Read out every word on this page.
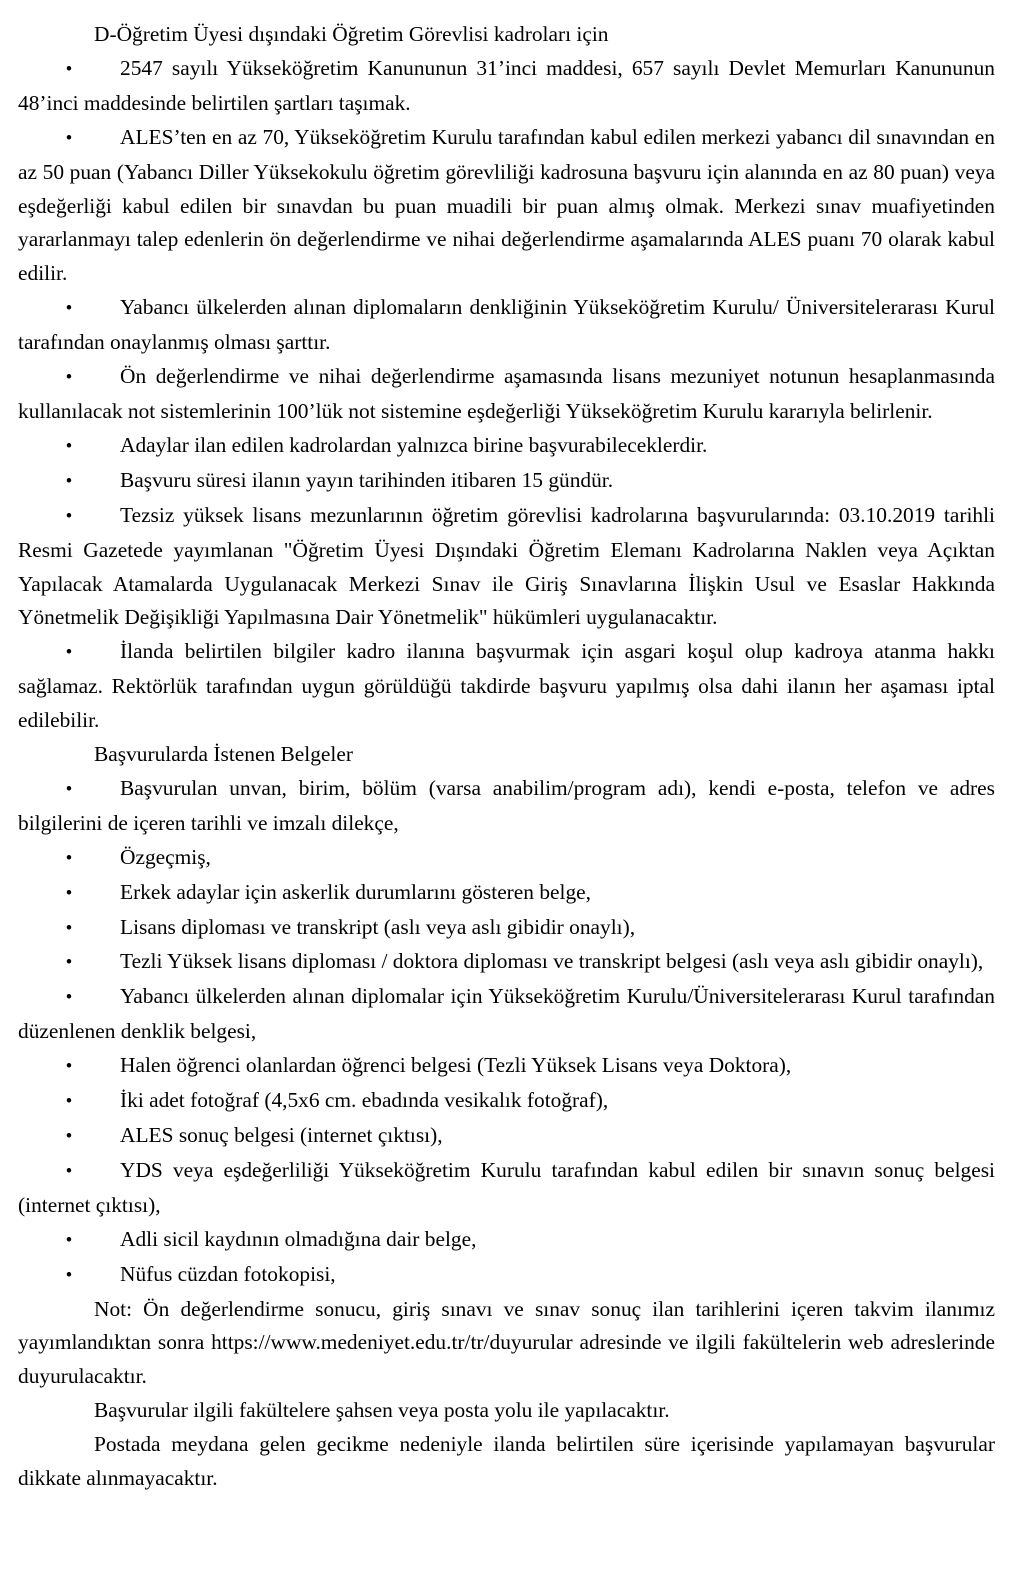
D-Öğretim Üyesi dışındaki Öğretim Görevlisi kadroları için

• 2547 sayılı Yükseköğretim Kanununun 31’inci maddesi, 657 sayılı Devlet Memurları Kanununun 48’inci maddesinde belirtilen şartları taşımak.

• ALES’ten en az 70, Yükseköğretim Kurulu tarafından kabul edilen merkezi yabancı dil sınavından en az 50 puan (Yabancı Diller Yüksekokulu öğretim görevliliği kadrosuna başvuru için alanında en az 80 puan) veya eşdeğerliği kabul edilen bir sınavdan bu puan muadili bir puan almış olmak. Merkezi sınav muafiyetinden yararlanmayı talep edenlerin ön değerlendirme ve nihai değerlendirme aşamalarında ALES puanı 70 olarak kabul edilir.

• Yabancı ülkelerden alınan diplomaların denkliğinin Yükseköğretim Kurulu/ Üniversitelerarası Kurul tarafından onaylanmış olması şarttır.

• Ön değerlendirme ve nihai değerlendirme aşamasında lisans mezuniyet notunun hesaplanmasında kullanılacak not sistemlerinin 100’lük not sistemine eşdeğerliği Yükseköğretim Kurulu kararıyla belirlenir.

• Adaylar ilan edilen kadrolardan yalnızca birine başvurabileceklerdir.

• Başvuru süresi ilanın yayın tarihinden itibaren 15 gündür.

• Tezsiz yüksek lisans mezunlarının öğretim görevlisi kadrolarına başvurularında: 03.10.2019 tarihli Resmi Gazetede yayımlanan "Öğretim Üyesi Dışındaki Öğretim Elemanı Kadrolarına Naklen veya Açıktan Yapılacak Atamalarda Uygulanacak Merkezi Sınav ile Giriş Sınavlarına İlişkin Usul ve Esaslar Hakkında Yönetmelik Değişikliği Yapılmasına Dair Yönetmelik" hükümleri uygulanacaktır.

• İlanda belirtilen bilgiler kadro ilanına başvurmak için asgari koşul olup kadroya atanma hakkı sağlamaz. Rektörlük tarafından uygun görüldüğü takdirde başvuru yapılmış olsa dahi ilanın her aşaması iptal edilebilir.

Başvurularda İstenen Belgeler

• Başvurulan unvan, birim, bölüm (varsa anabilim/program adı), kendi e-posta, telefon ve adres bilgilerini de içeren tarihli ve imzalı dilekçe,

• Özgeçmiş,

• Erkek adaylar için askerlik durumlarını gösteren belge,

• Lisans diploması ve transkript (aslı veya aslı gibidir onaylı),

• Tezli Yüksek lisans diploması / doktora diploması ve transkript belgesi (aslı veya aslı gibidir onaylı),

• Yabancı ülkelerden alınan diplomalar için Yükseköğretim Kurulu/Üniversitelerarası Kurul tarafından düzenlenen denklik belgesi,

• Halen öğrenci olanlardan öğrenci belgesi (Tezli Yüksek Lisans veya Doktora),

• İki adet fotoğraf (4,5x6 cm. ebadında vesikalık fotoğraf),

• ALES sonuç belgesi (internet çıktısı),

• YDS veya eşdeğerliliği Yükseköğretim Kurulu tarafından kabul edilen bir sınavın sonuç belgesi (internet çıktısı),

• Adli sicil kaydının olmadığına dair belge,

• Nüfus cüzdan fotokopisi,

Not: Ön değerlendirme sonucu, giriş sınavı ve sınav sonuç ilan tarihlerini içeren takvim ilanımız yayımlandıktan sonra https://www.medeniyet.edu.tr/tr/duyurular adresinde ve ilgili fakültelerin web adreslerinde duyurulacaktır.

Başvurular ilgili fakültelere şahsen veya posta yolu ile yapılacaktır.

Postada meydana gelen gecikme nedeniyle ilanda belirtilen süre içerisinde yapılamayan başvurular dikkate alınmayacaktır.
